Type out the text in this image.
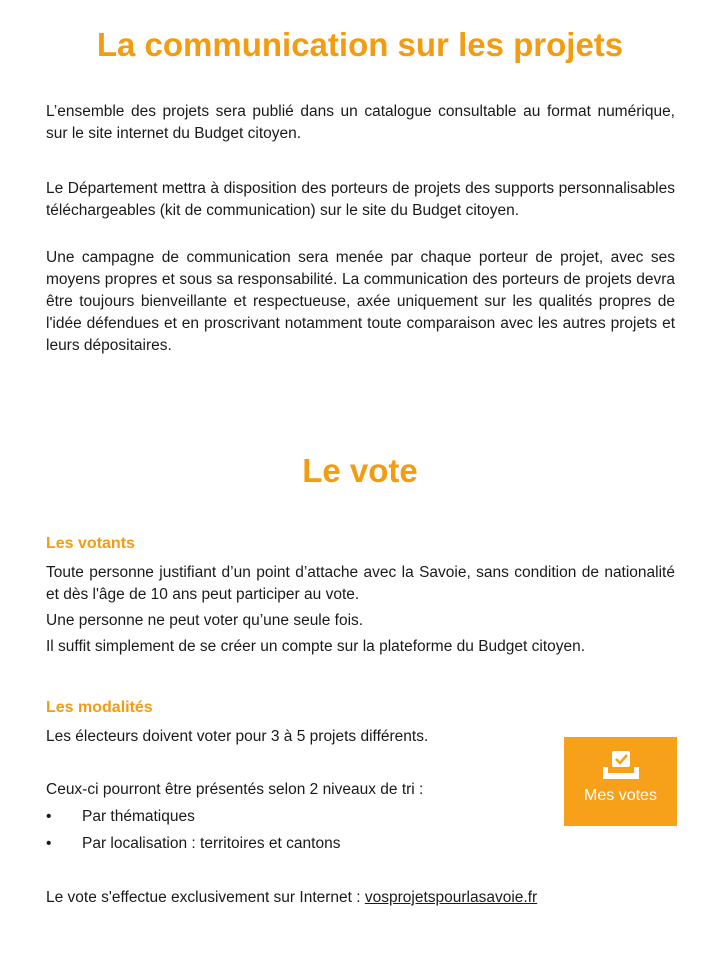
La communication sur les projets

L’ensemble des projets sera publié dans un catalogue consultable au format numérique, sur le site internet du Budget citoyen.

Le Département mettra à disposition des porteurs de projets des supports personnalisables téléchargeables (kit de communication) sur le site du Budget citoyen.

Une campagne de communication sera menée par chaque porteur de projet, avec ses moyens propres et sous sa responsabilité. La communication des porteurs de projets devra être toujours bienveillante et respectueuse, axée uniquement sur les qualités propres de l'idée défendues et en proscrivant notamment toute comparaison avec les autres projets et leurs dépositaires.

Le vote

Les votants

Toute personne justifiant d’un point d’attache avec la Savoie, sans condition de nationalité et dès l'âge de 10 ans peut participer au vote.

Une personne ne peut voter qu’une seule fois.

Il suffit simplement de se créer un compte sur la plateforme du Budget citoyen.

Les modalités

Les électeurs doivent voter pour 3 à 5 projets différents.

Ceux-ci pourront être présentés selon 2 niveaux de tri :

• Par thématiques
• Par localisation : territoires et cantons

Le vote s'effectue exclusivement sur Internet : vosprojetspourlasavoie.fr

Mes votes
